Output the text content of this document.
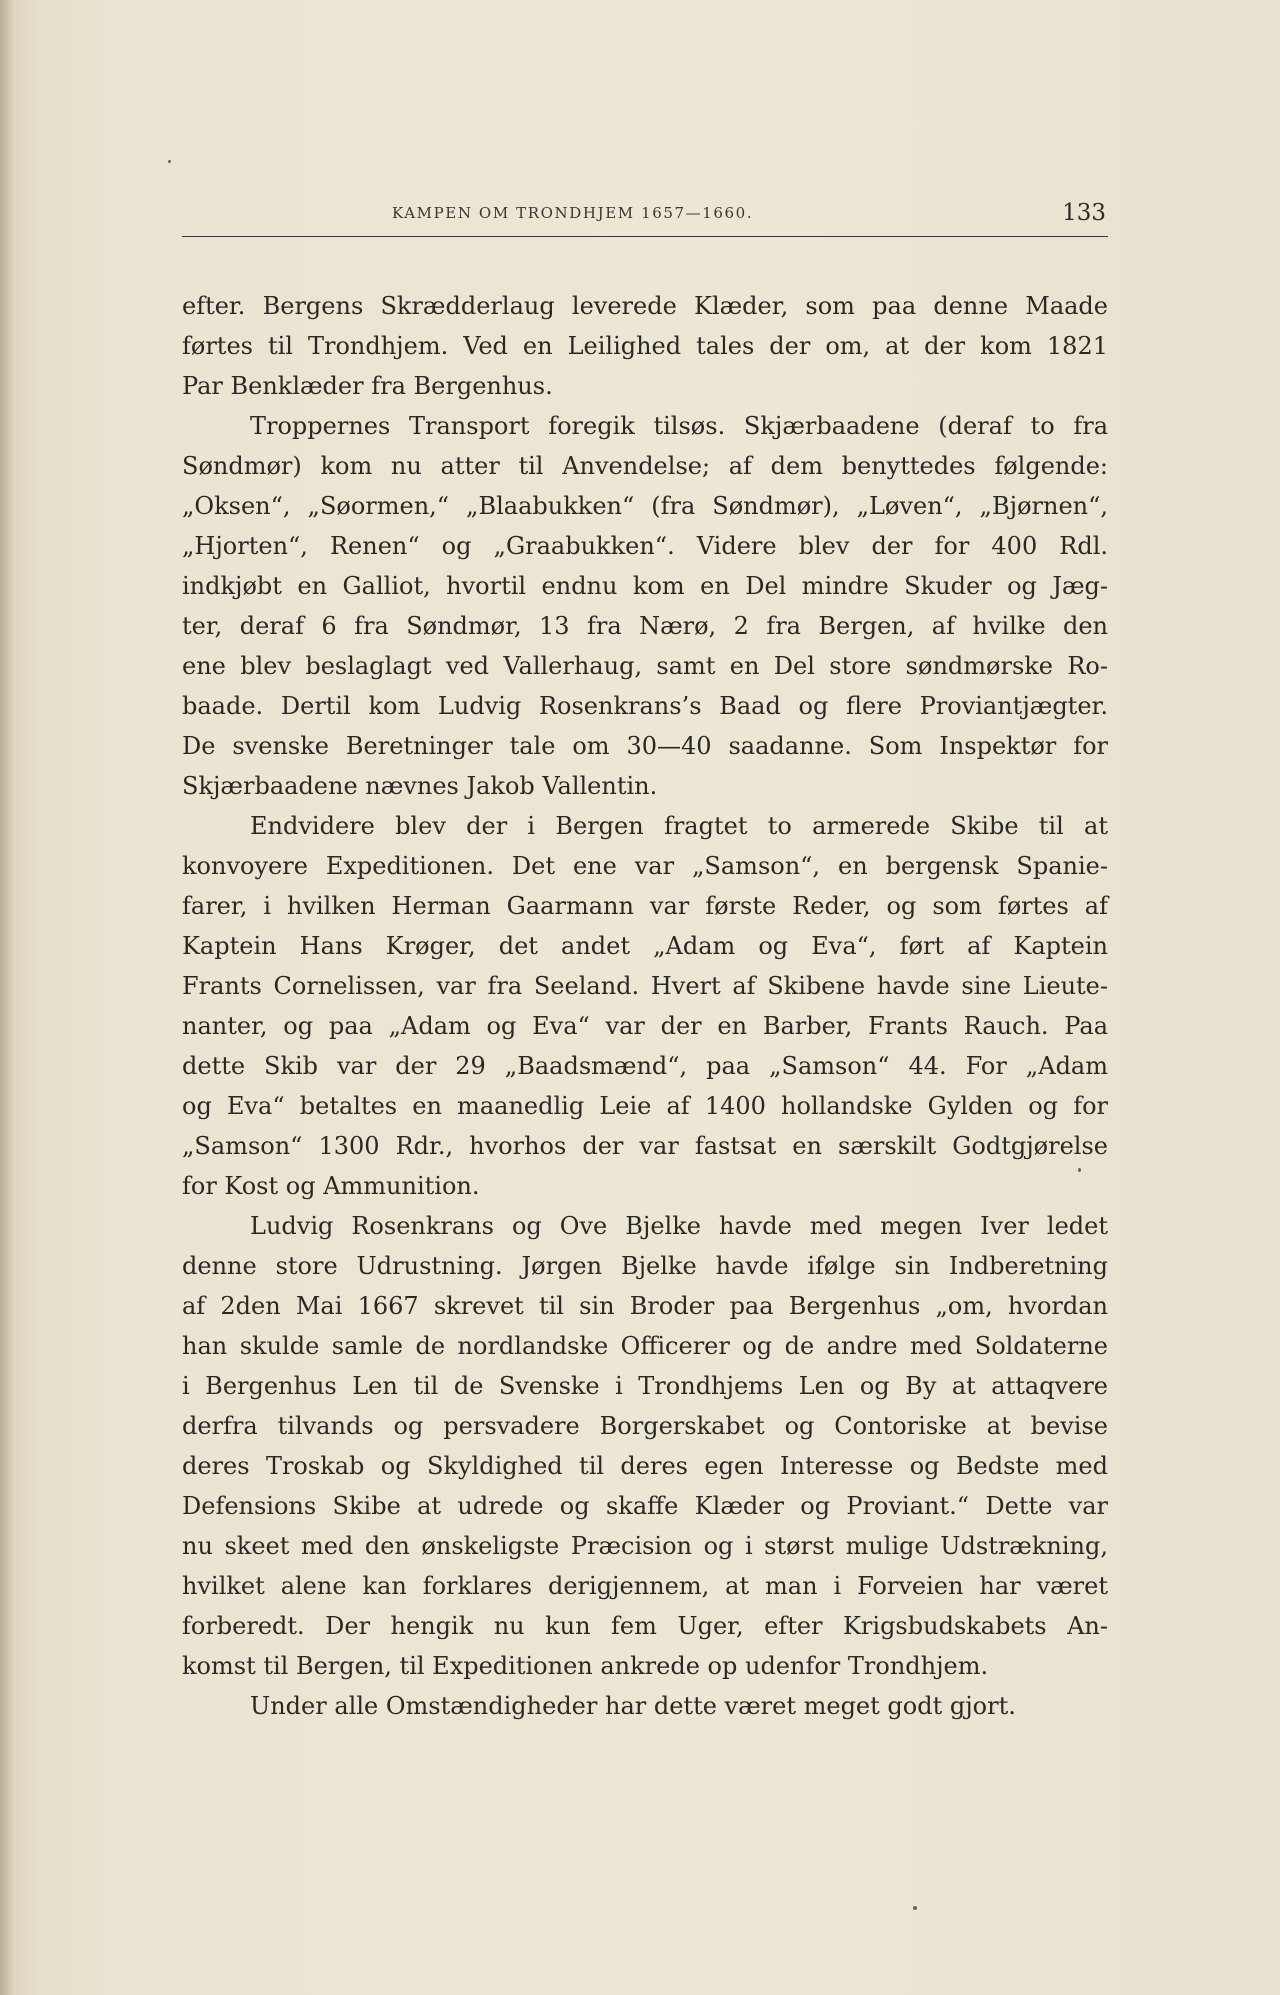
KAMPEN OM TRONDHJEM 1657—1660.	133
efter. Bergens Skrædderlaug leverede Klæder, som paa denne Maade
førtes til Trondhjem. Ved en Leilighed tales der om, at der kom 1821
Par Benklæder fra Bergenhus.
Troppernes Transport foregik tilsøs. Skjærbaadene (deraf to fra
Søndmør) kom nu atter til Anvendelse; af dem benyttedes følgende:
„Oksen“, „Søormen,“ „Blaabukken“ (fra Søndmør), „Løven“, „Bjørnen“,
„Hjorten“, Renen“ og „Graabukken“. Videre blev der for 400 Rdl.
indkjøbt en Galliot, hvortil endnu kom en Del mindre Skuder og Jæg-
ter, deraf 6 fra Søndmør, 13 fra Nærø, 2 fra Bergen, af hvilke den
ene blev beslaglagt ved Vallerhaug, samt en Del store søndmørske Ro-
baade. Dertil kom Ludvig Rosenkrans’s Baad og flere Proviantjægter.
De svenske Beretninger tale om 30—40 saadanne. Som Inspektør for
Skjærbaadene nævnes Jakob Vallentin.
Endvidere blev der i Bergen fragtet to armerede Skibe til at
konvoyere Expeditionen. Det ene var „Samson“, en bergensk Spanie-
farer, i hvilken Herman Gaarmann var første Reder, og som førtes af
Kaptein Hans Krøger, det andet „Adam og Eva“, ført af Kaptein
Frants Cornelissen, var fra Seeland. Hvert af Skibene havde sine Lieute-
nanter, og paa „Adam og Eva“ var der en Barber, Frants Rauch. Paa
dette Skib var der 29 „Baadsmænd“, paa „Samson“ 44. For „Adam
og Eva“ betaltes en maanedlig Leie af 1400 hollandske Gylden og for
„Samson“ 1300 Rdr., hvorhos der var fastsat en særskilt Godtgjørelse
for Kost og Ammunition.
Ludvig Rosenkrans og Ove Bjelke havde med megen Iver ledet
denne store Udrustning. Jørgen Bjelke havde ifølge sin Indberetning
af 2den Mai 1667 skrevet til sin Broder paa Bergenhus „om, hvordan
han skulde samle de nordlandske Officerer og de andre med Soldaterne
i Bergenhus Len til de Svenske i Trondhjems Len og By at attaqvere
derfra tilvands og persvadere Borgerskabet og Contoriske at bevise
deres Troskab og Skyldighed til deres egen Interesse og Bedste med
Defensions Skibe at udrede og skaffe Klæder og Proviant.“ Dette var
nu skeet med den ønskeligste Præcision og i størst mulige Udstrækning,
hvilket alene kan forklares derigjennem, at man i Forveien har været
forberedt. Der hengik nu kun fem Uger, efter Krigsbudskabets An-
komst til Bergen, til Expeditionen ankrede op udenfor Trondhjem.
Under alle Omstændigheder har dette været meget godt gjort.
